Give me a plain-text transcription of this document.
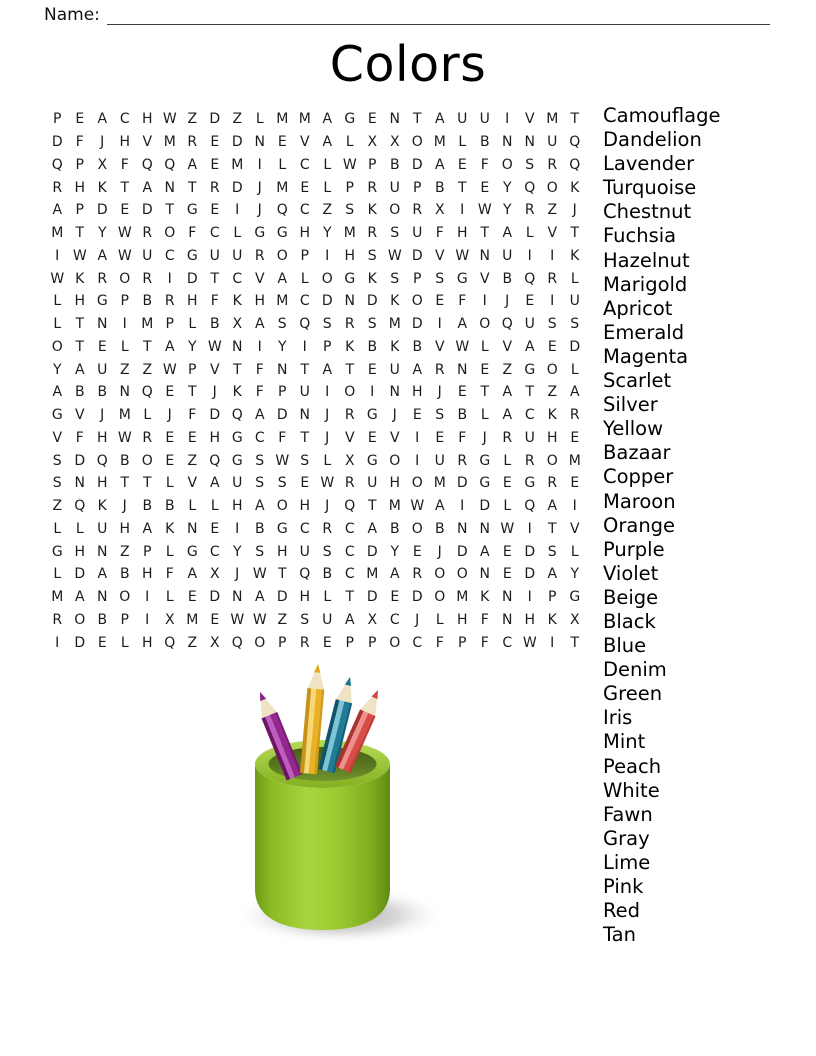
Name:
Colors
P E A C H W Z D Z L M M A G E N T A U U	I	V M T
D F	J	H V M R E D N E V A L X X O M L B N N U Q
Q P X F Q Q A E M	I	L C L W P B D A E	F O S R Q
R H K T A N T R D	J	M E	L	P R U P B T E Y Q O K
A P D E D T G E	I	J	Q C Z S K O R X	I W Y R Z	J
M T Y W R O F C L G G H Y M R S U F H T A L V T
I W A W U C G U U R O P	I	H S W D V W N U	I	I	K
W K R O R	I	D T C V A L O G K S P S G V B Q R L
L H G P B R H F K H M C D N D K O E	F	I	J	E	I	U
L	T N	I	M P	L B X A S Q S R S M D	I	A O Q U S S
O T E	L	T A Y W N	I	Y	I	P K B K B V W L V A E D
Y A U Z Z W P V T	F N T A T E U A R N E Z G O L
A B B N Q E T	J	K F	P U	I	O	I	N H	J	E T A T Z A
G V	J	M L	J	F D Q A D N	J	R G	J	E S B L A C K R
V F H W R E E H G C F	T	J	V E V	I	E	F	J	R U H E
S D Q B O E Z Q G S W S	L X G O	I	U R G L R O M
S N H T T	L V A U S S E W R U H O M D G E G R E
Z Q K	J	B B L	L H A O H	J	Q T M W A	I	D L Q A	I
L	L U H A K N E	I	B G C R C A B O B N N W I	T V
G H N Z P	L G C Y S H U S C D Y E	J	D A E D S	L
L D A B H F A X	J W T Q B C M A R O O N E D A Y
M A N O	I	L	E D N A D H L	T D E D O M K N	I	P G
R O B P	I	X M E W W Z S U A X C	J	L H F N H K X
I	D E	L H Q Z X Q O P R E P	P O C F	P	F C W I	T
Camouflage
Dandelion
Lavender
Turquoise
Chestnut
Fuchsia
Hazelnut
Marigold
Apricot
Emerald
Magenta
Scarlet
Silver
Yellow
Bazaar
Copper
Maroon
Orange
Purple
Violet
Beige
Black
Blue
Denim
Green
Iris
Mint
Peach
White
Fawn
Gray
Lime
Pink
Red
Tan
